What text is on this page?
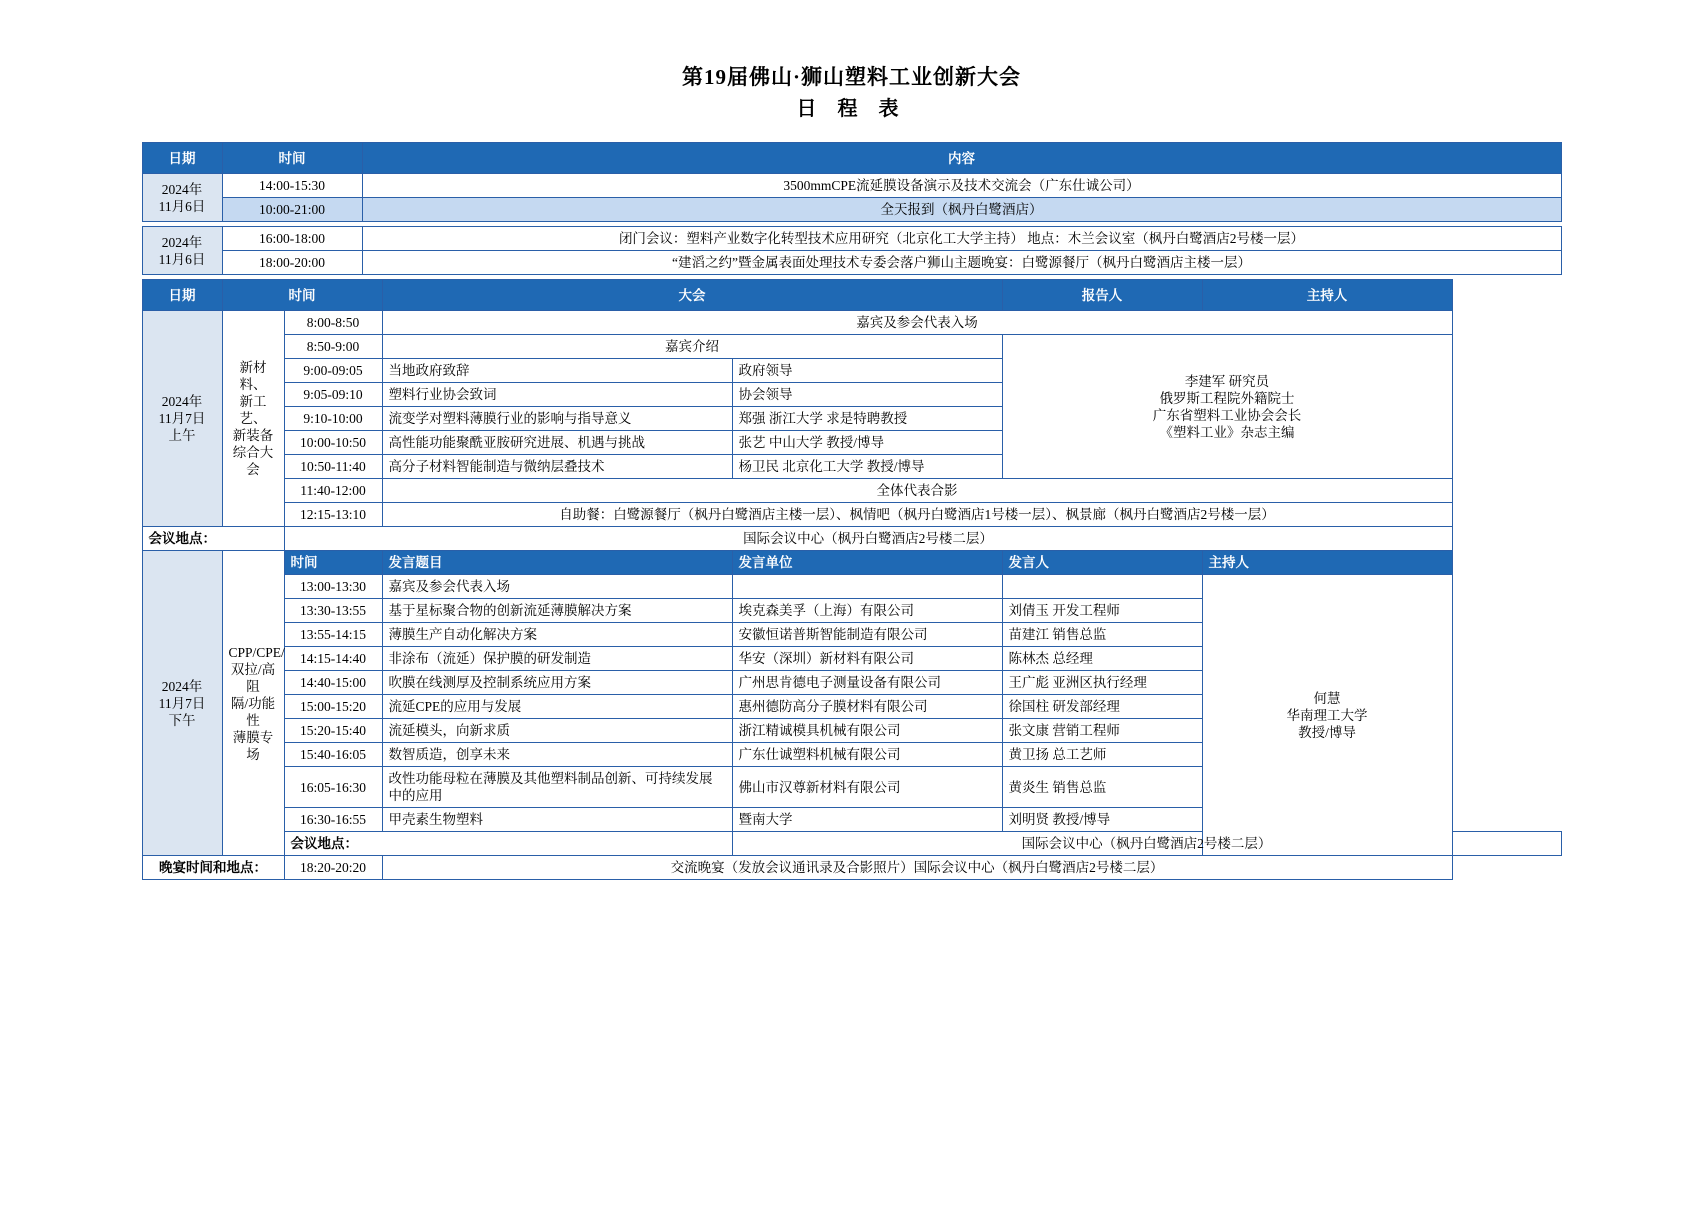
第19届佛山·狮山塑料工业创新大会
日 程 表
日期	时间	内容
2024年
11月6日	14:00-15:30	3500mmCPE流延膜设备演示及技术交流会（广东仕诚公司）
	10:00-21:00	全天报到（枫丹白鹭酒店）
2024年
11月6日	16:00-18:00	闭门会议：塑料产业数字化转型技术应用研究（北京化工大学主持） 地点：木兰会议室（枫丹白鹭酒店2号楼一层）
	18:00-20:00	“建滔之约”暨金属表面处理技术专委会落户狮山主题晚宴：白鹭源餐厅（枫丹白鹭酒店主楼一层）
日期	时间		大会		报告人	主持人
2024年
11月7日
上午	新材料、
新工艺、
新装备
综合大会	8:00-8:50	嘉宾及参会代表入场			
		8:50-9:00	嘉宾介绍		李建军 研究员
俄罗斯工程院外籍院士
广东省塑料工业协会会长
《塑料工业》杂志主编	
		9:00-09:05	当地政府致辞	政府领导		
		9:05-09:10	塑料行业协会致词	协会领导		
		9:10-10:00	流变学对塑料薄膜行业的影响与指导意义	郑强 浙江大学 求是特聘教授		
		10:00-10:50	高性能功能聚酰亚胺研究进展、机遇与挑战	张艺 中山大学 教授/博导		
		10:50-11:40	高分子材料智能制造与微纳层叠技术	杨卫民 北京化工大学 教授/博导		
		11:40-12:00	全体代表合影			
		12:15-13:10	自助餐：白鹭源餐厅（枫丹白鹭酒店主楼一层）、枫情吧（枫丹白鹭酒店1号楼一层）、枫景廊（枫丹白鹭酒店2号楼一层）			
会议地点：		国际会议中心（枫丹白鹭酒店2号楼二层）				
2024年
11月7日
下午	CPP/CPE/
双拉/高阻
隔/功能性
薄膜专场	时间	发言题目	发言单位	发言人	主持人
		13:00-13:30	嘉宾及参会代表入场			何慧
华南理工大学
教授/博导
		13:30-13:55	基于星标聚合物的创新流延薄膜解决方案	埃克森美孚（上海）有限公司	刘倩玉 开发工程师	
		13:55-14:15	薄膜生产自动化解决方案	安徽恒诺普斯智能制造有限公司	苗建江 销售总监	
		14:15-14:40	非涂布（流延）保护膜的研发制造	华安（深圳）新材料有限公司	陈林杰 总经理	
		14:40-15:00	吹膜在线测厚及控制系统应用方案	广州思肯德电子测量设备有限公司	王广彪 亚洲区执行经理	
		15:00-15:20	流延CPE的应用与发展	惠州德防高分子膜材料有限公司	徐国柱 研发部经理	
		15:20-15:40	流延模头，向新求质	浙江精诚模具机械有限公司	张文康 营销工程师	
		15:40-16:05	数智质造，创享未来	广东仕诚塑料机械有限公司	黄卫扬 总工艺师	
		16:05-16:30	改性功能母粒在薄膜及其他塑料制品创新、可持续发展中的应用	佛山市汉尊新材料有限公司	黄炎生 销售总监	
		16:30-16:55	甲壳素生物塑料	暨南大学	刘明贤 教授/博导	
		会议地点：		国际会议中心（枫丹白鹭酒店2号楼二层）		
晚宴时间和地点：		18:20-20:20	交流晚宴（发放会议通讯录及合影照片）国际会议中心（枫丹白鹭酒店2号楼二层）			
